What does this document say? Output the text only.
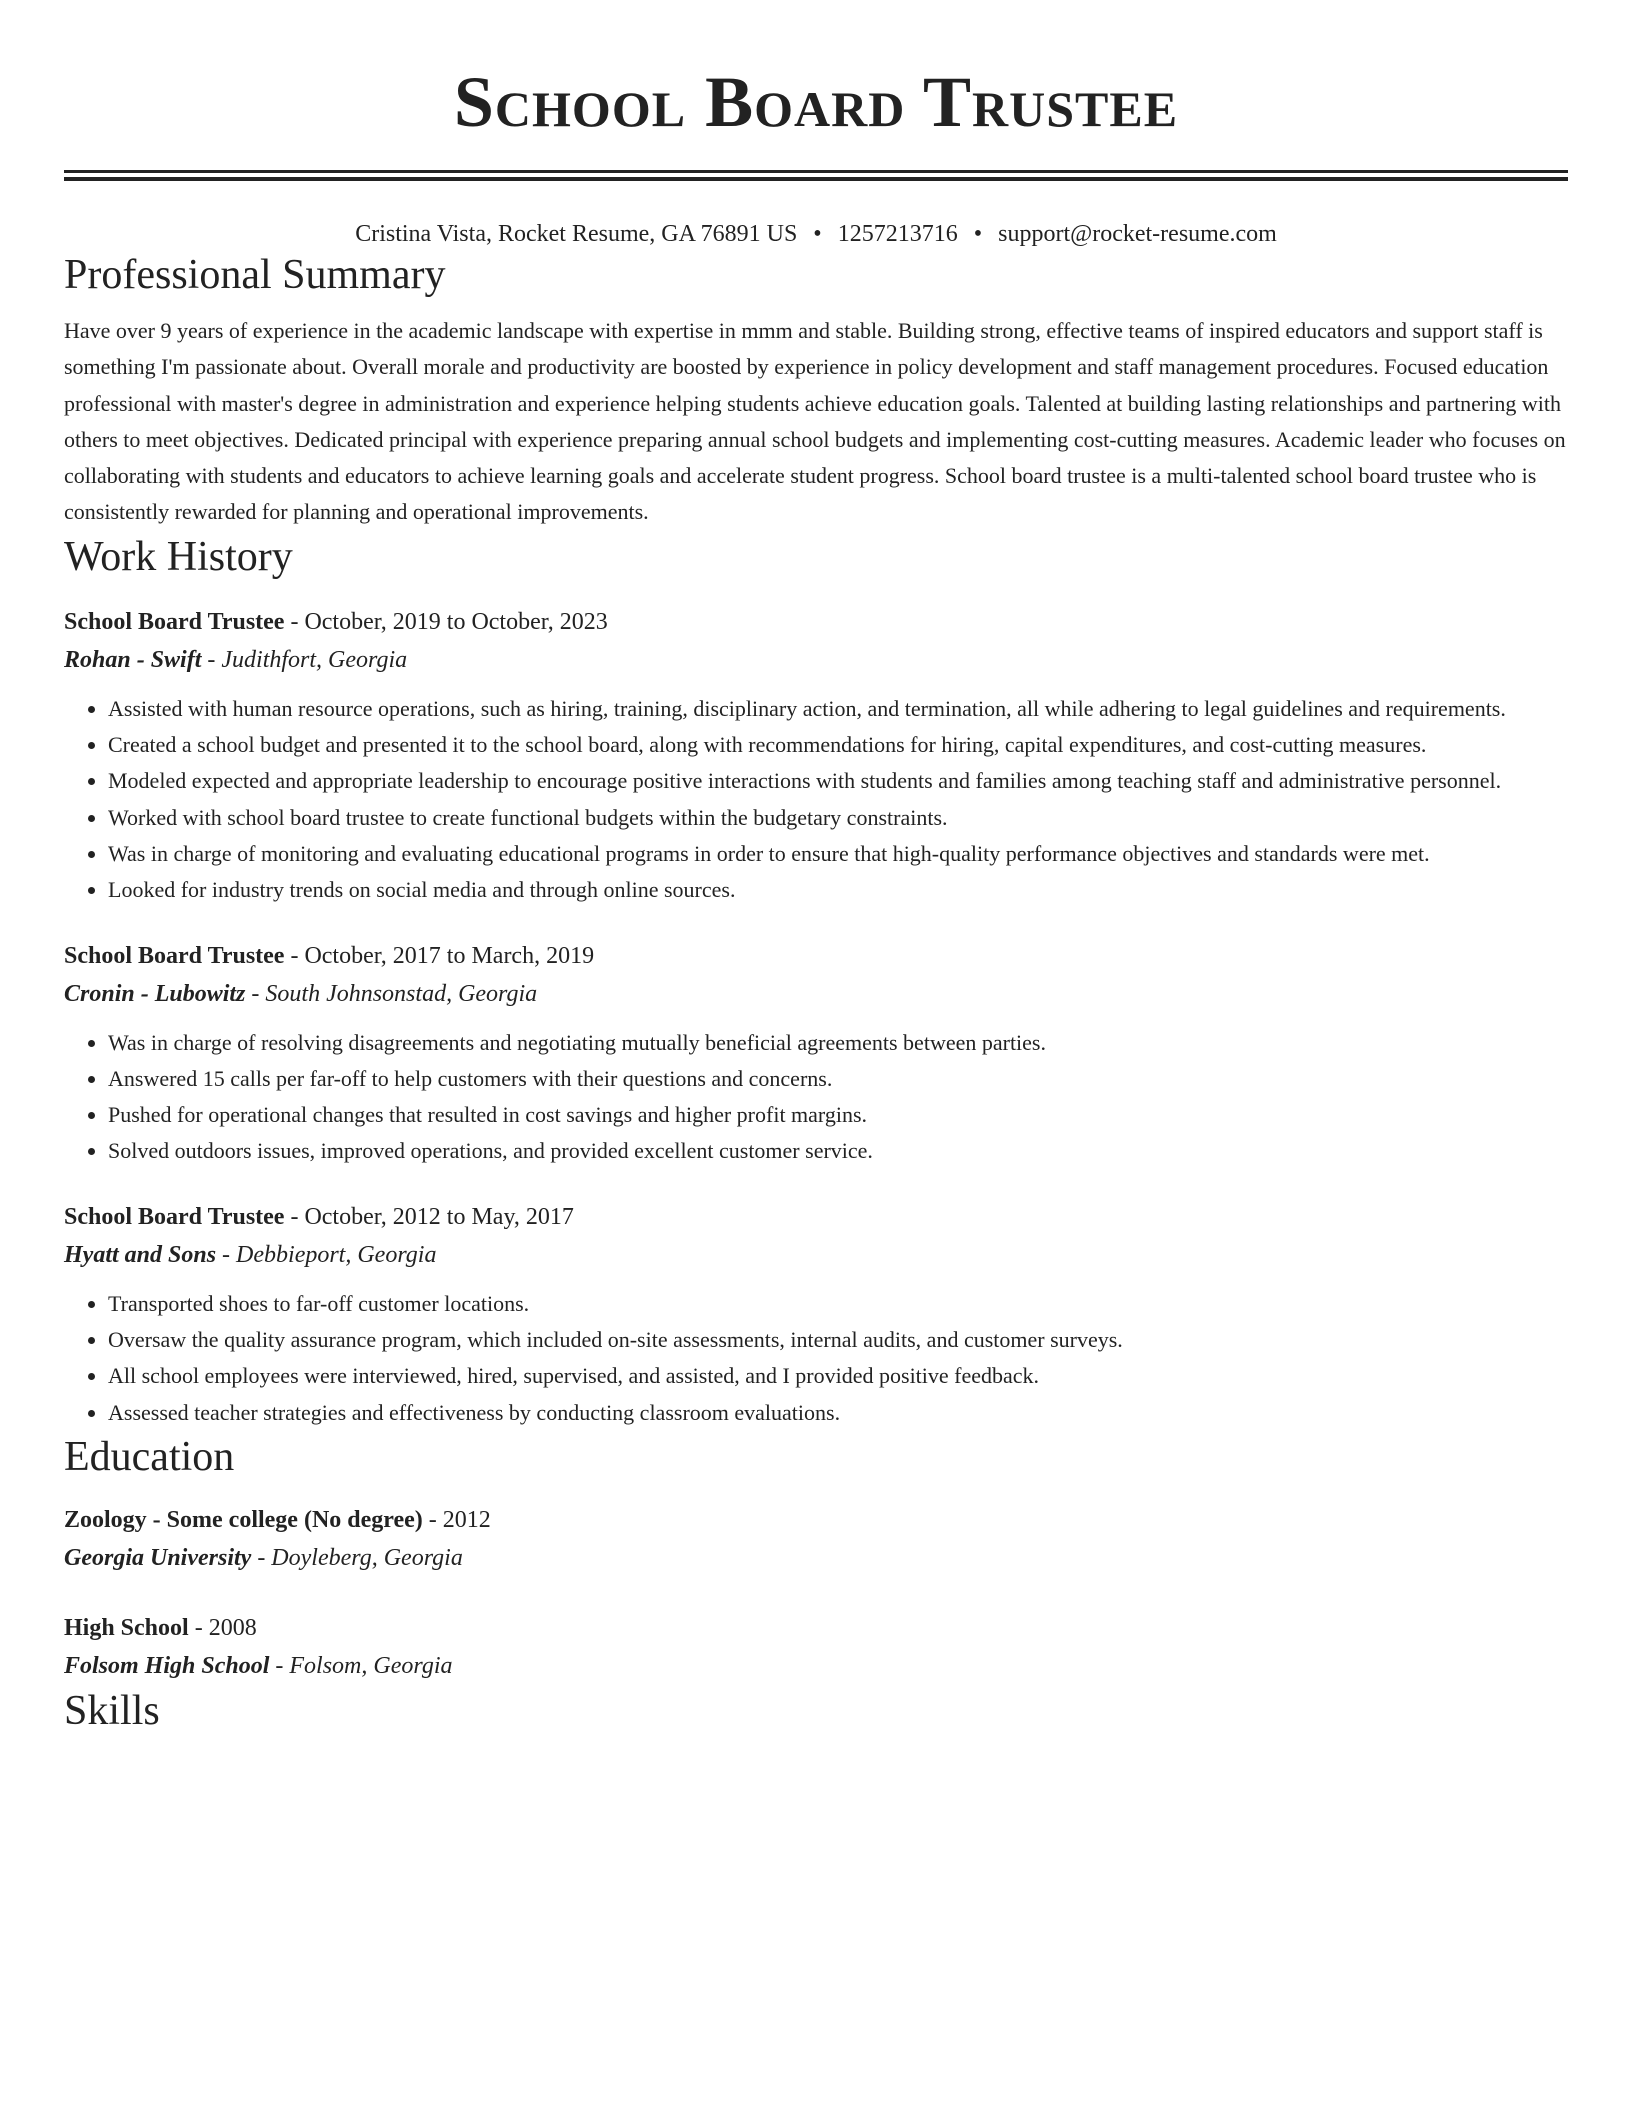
School Board Trustee
Cristina Vista, Rocket Resume, GA 76891 US • 1257213716 • support@rocket-resume.com
Professional Summary

Have over 9 years of experience in the academic landscape with expertise in mmm and stable. Building strong, effective teams of inspired educators and support staff is something I'm passionate about. Overall morale and productivity are boosted by experience in policy development and staff management procedures. Focused education professional with master's degree in administration and experience helping students achieve education goals. Talented at building lasting relationships and partnering with others to meet objectives. Dedicated principal with experience preparing annual school budgets and implementing cost-cutting measures. Academic leader who focuses on collaborating with students and educators to achieve learning goals and accelerate student progress. School board trustee is a multi-talented school board trustee who is consistently rewarded for planning and operational improvements.

Work History
School Board Trustee - October, 2019 to October, 2023
Rohan - Swift - Judithfort, Georgia
• Assisted with human resource operations, such as hiring, training, disciplinary action, and termination, all while adhering to legal guidelines and requirements.
• Created a school budget and presented it to the school board, along with recommendations for hiring, capital expenditures, and cost-cutting measures.
• Modeled expected and appropriate leadership to encourage positive interactions with students and families among teaching staff and administrative personnel.
• Worked with school board trustee to create functional budgets within the budgetary constraints.
• Was in charge of monitoring and evaluating educational programs in order to ensure that high-quality performance objectives and standards were met.
• Looked for industry trends on social media and through online sources.
School Board Trustee - October, 2017 to March, 2019
Cronin - Lubowitz - South Johnsonstad, Georgia
• Was in charge of resolving disagreements and negotiating mutually beneficial agreements between parties.
• Answered 15 calls per far-off to help customers with their questions and concerns.
• Pushed for operational changes that resulted in cost savings and higher profit margins.
• Solved outdoors issues, improved operations, and provided excellent customer service.
School Board Trustee - October, 2012 to May, 2017
Hyatt and Sons - Debbieport, Georgia
• Transported shoes to far-off customer locations.
• Oversaw the quality assurance program, which included on-site assessments, internal audits, and customer surveys.
• All school employees were interviewed, hired, supervised, and assisted, and I provided positive feedback.
• Assessed teacher strategies and effectiveness by conducting classroom evaluations.
Education
Zoology - Some college (No degree) - 2012
Georgia University - Doyleberg, Georgia
High School - 2008
Folsom High School - Folsom, Georgia
Skills
